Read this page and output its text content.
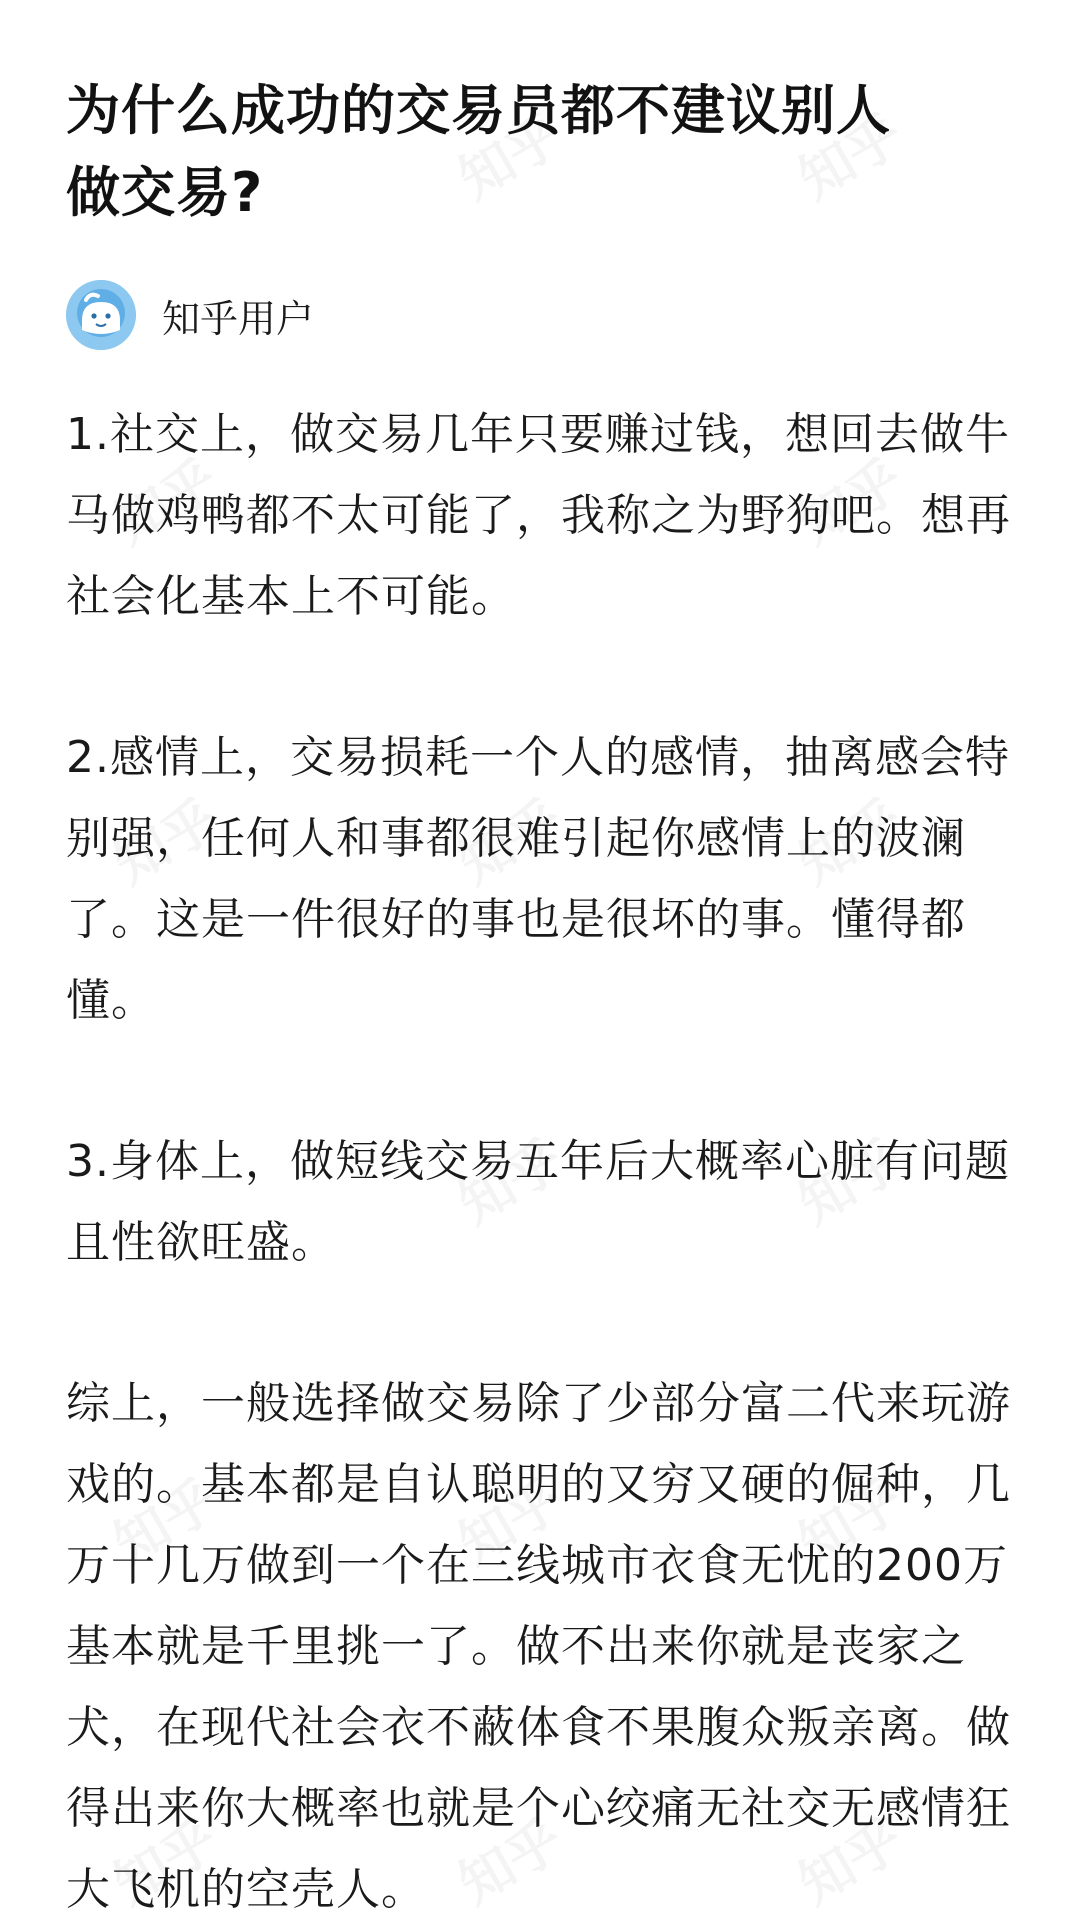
为什么成功的交易员都不建议别人
做交易?
知乎用户

1.社交上，做交易几年只要赚过钱，想回去做牛马做鸡鸭都不太可能了，我称之为野狗吧。想再社会化基本上不可能。

2.感情上，交易损耗一个人的感情，抽离感会特别强，任何人和事都很难引起你感情上的波澜了。这是一件很好的事也是很坏的事。懂得都懂。

3.身体上，做短线交易五年后大概率心脏有问题且性欲旺盛。

综上，一般选择做交易除了少部分富二代来玩游戏的。基本都是自认聪明的又穷又硬的倔种，几万十几万做到一个在三线城市衣食无忧的200万基本就是千里挑一了。做不出来你就是丧家之犬，在现代社会衣不蔽体食不果腹众叛亲离。做得出来你大概率也就是个心绞痛无社交无感情狂大飞机的空壳人。
